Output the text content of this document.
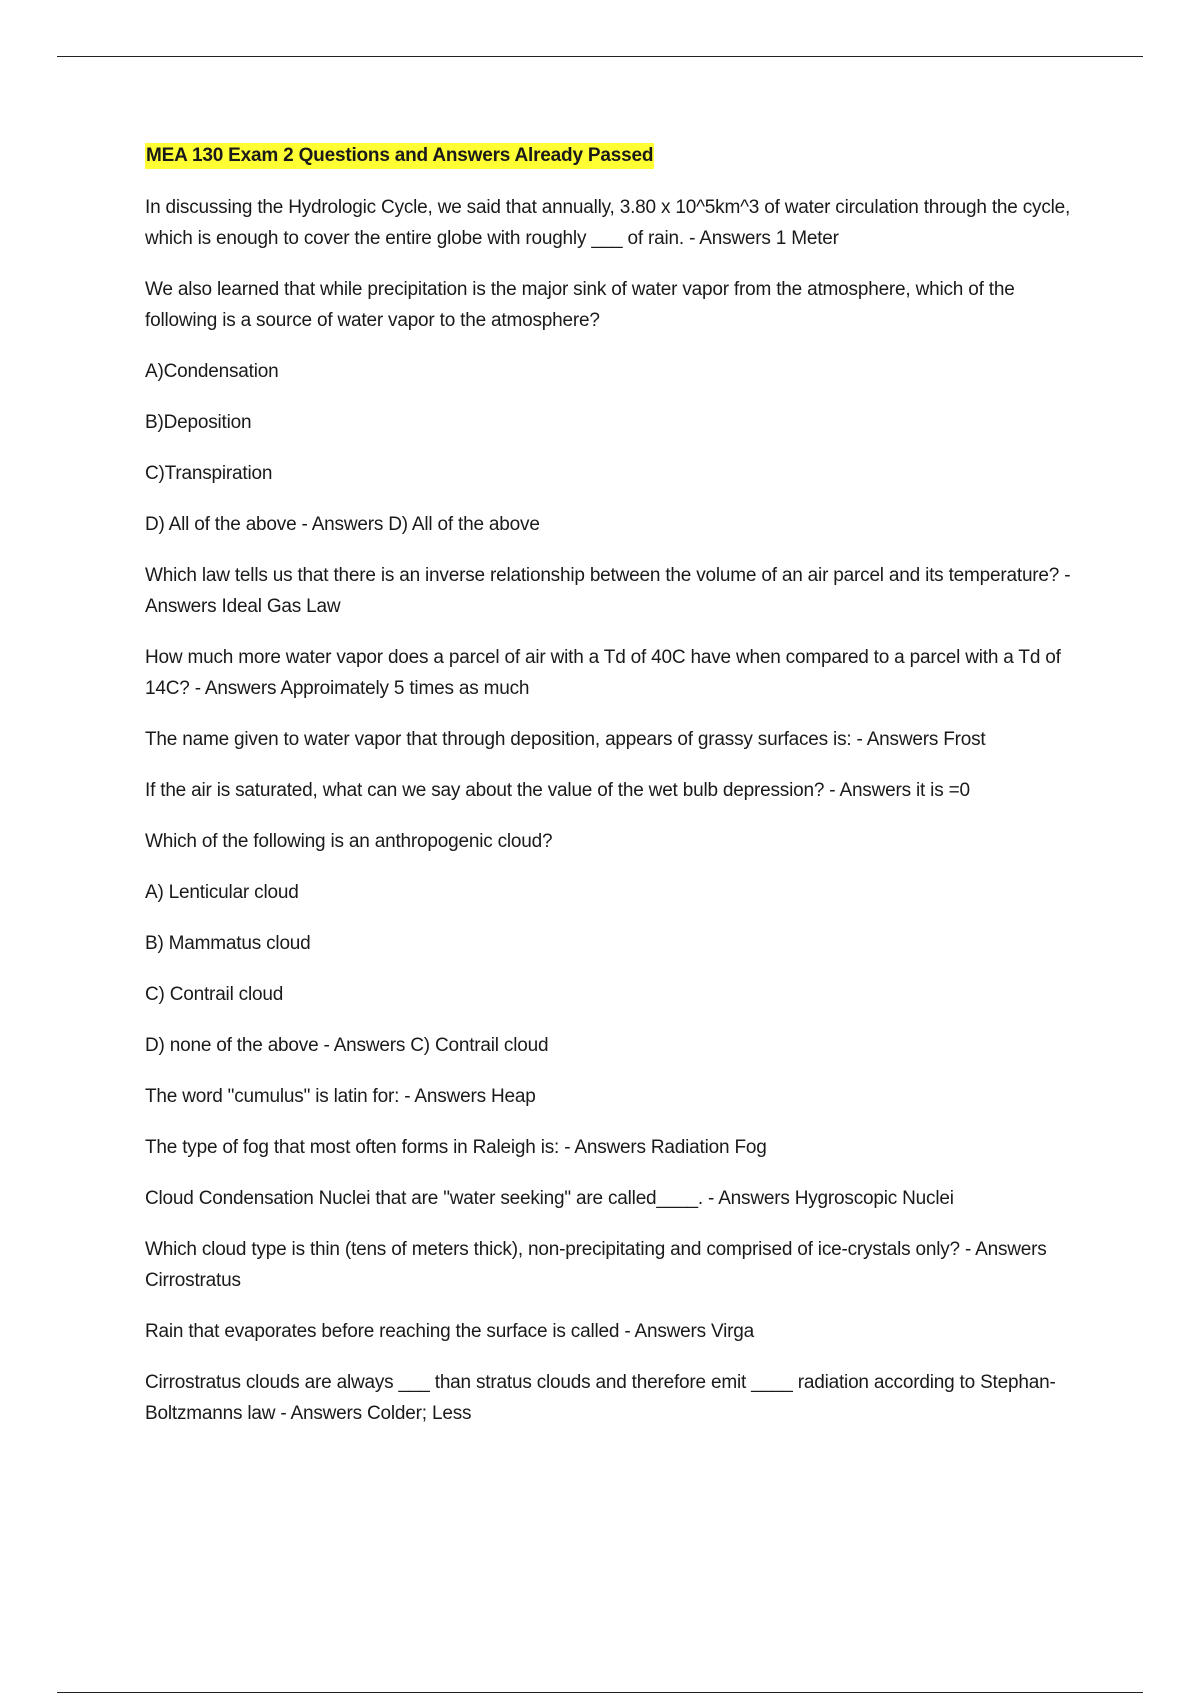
MEA 130 Exam 2 Questions and Answers Already Passed

In discussing the Hydrologic Cycle, we said that annually, 3.80 x 10^5km^3 of water circulation through the cycle, which is enough to cover the entire globe with roughly ___ of rain. - Answers 1 Meter

We also learned that while precipitation is the major sink of water vapor from the atmosphere, which of the following is a source of water vapor to the atmosphere?

A)Condensation

B)Deposition

C)Transpiration

D) All of the above - Answers D) All of the above

Which law tells us that there is an inverse relationship between the volume of an air parcel and its temperature? - Answers Ideal Gas Law

How much more water vapor does a parcel of air with a Td of 40C have when compared to a parcel with a Td of 14C? - Answers Approimately 5 times as much

The name given to water vapor that through deposition, appears of grassy surfaces is: - Answers Frost

If the air is saturated, what can we say about the value of the wet bulb depression? - Answers it is =0

Which of the following is an anthropogenic cloud?

A) Lenticular cloud

B) Mammatus cloud

C) Contrail cloud

D) none of the above - Answers C) Contrail cloud

The word "cumulus" is latin for: - Answers Heap

The type of fog that most often forms in Raleigh is: - Answers Radiation Fog

Cloud Condensation Nuclei that are "water seeking" are called____. - Answers Hygroscopic Nuclei

Which cloud type is thin (tens of meters thick), non-precipitating and comprised of ice-crystals only? - Answers Cirrostratus

Rain that evaporates before reaching the surface is called - Answers Virga

Cirrostratus clouds are always ___ than stratus clouds and therefore emit ____ radiation according to Stephan-Boltzmanns law - Answers Colder; Less
